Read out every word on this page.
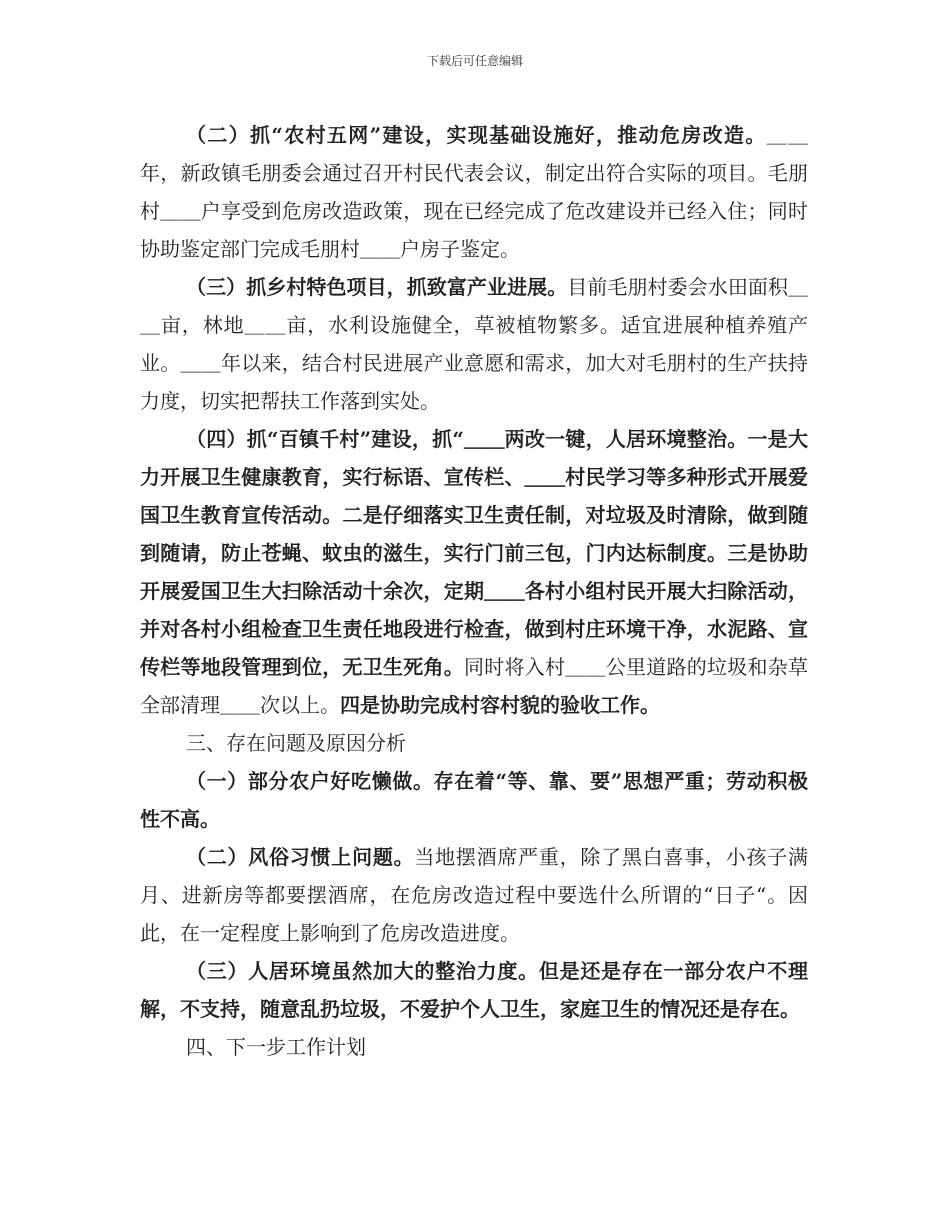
下载后可任意编辑

（二）抓“农村五网”建设，实现基础设施好，推动危房改造。＿＿年，新政镇毛朋委会通过召开村民代表会议，制定出符合实际的项目。毛朋村＿＿户享受到危房改造政策，现在已经完成了危改建设并已经入住；同时协助鉴定部门完成毛朋村＿＿户房子鉴定。

（三）抓乡村特色项目，抓致富产业进展。目前毛朋村委会水田面积＿＿亩，林地＿＿亩，水利设施健全，草被植物繁多。适宜进展种植养殖产业。＿＿年以来，结合村民进展产业意愿和需求，加大对毛朋村的生产扶持力度，切实把帮扶工作落到实处。

（四）抓“百镇千村”建设，抓“＿＿两改一键，人居环境整治。一是大力开展卫生健康教育，实行标语、宣传栏、＿＿村民学习等多种形式开展爱国卫生教育宣传活动。二是仔细落实卫生责任制，对垃圾及时清除，做到随到随请，防止苍蝇、蚊虫的滋生，实行门前三包，门内达标制度。三是协助开展爱国卫生大扫除活动十余次，定期＿＿各村小组村民开展大扫除活动，并对各村小组检查卫生责任地段进行检查，做到村庄环境干净，水泥路、宣传栏等地段管理到位，无卫生死角。同时将入村＿＿公里道路的垃圾和杂草全部清理＿＿次以上。四是协助完成村容村貌的验收工作。

三、存在问题及原因分析

（一）部分农户好吃懒做。存在着“等、靠、要”思想严重；劳动积极性不高。

（二）风俗习惯上问题。当地摆酒席严重，除了黑白喜事，小孩子满月、进新房等都要摆酒席，在危房改造过程中要选什么所谓的“日子“。因此，在一定程度上影响到了危房改造进度。

（三）人居环境虽然加大的整治力度。但是还是存在一部分农户不理解，不支持，随意乱扔垃圾，不爱护个人卫生，家庭卫生的情况还是存在。

四、下一步工作计划
